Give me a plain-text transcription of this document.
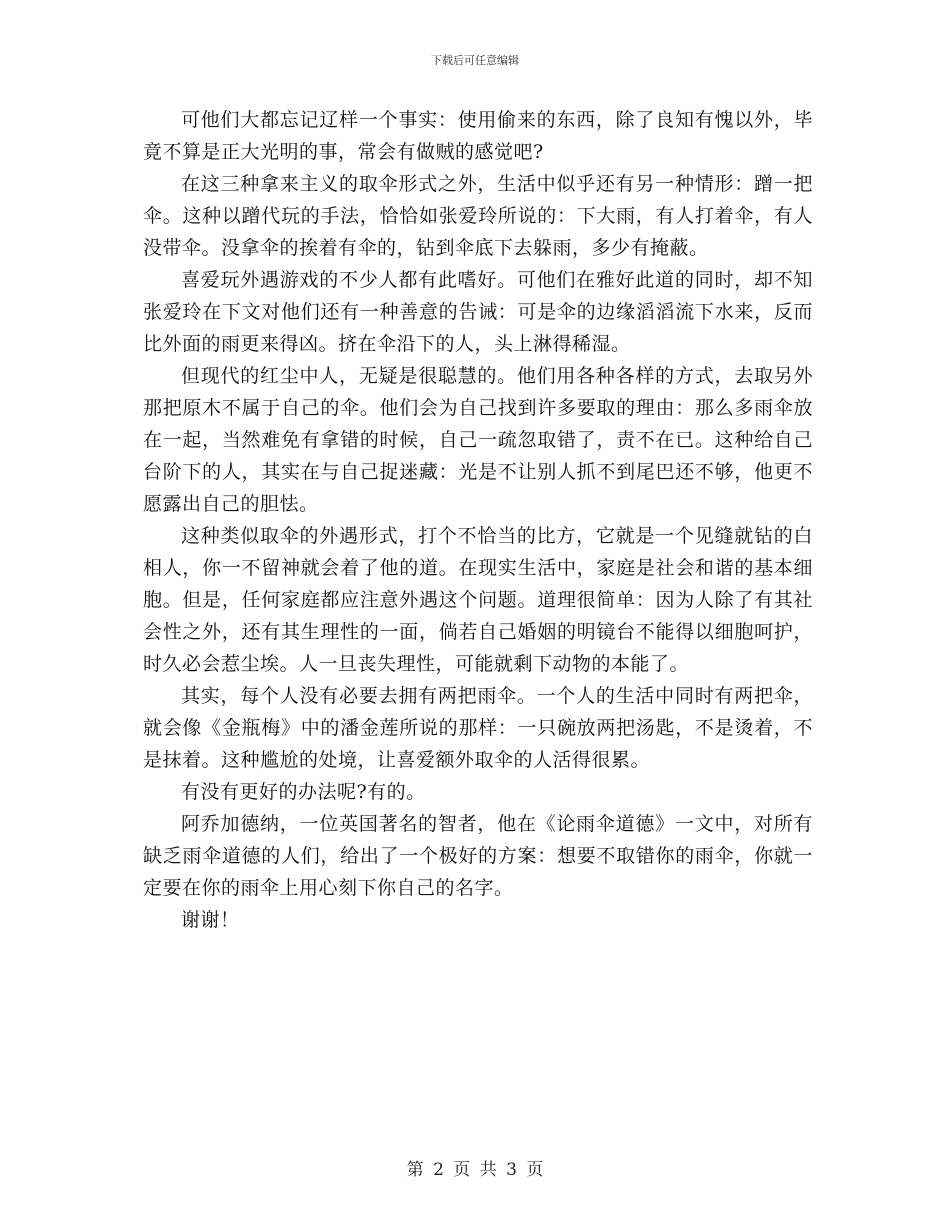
下载后可任意编辑

可他们大都忘记辽样一个事实：使用偷来的东西，除了良知有愧以外，毕竟不算是正大光明的事，常会有做贼的感觉吧?

在这三种拿来主义的取伞形式之外，生活中似乎还有另一种情形：蹭一把伞。这种以蹭代玩的手法，恰恰如张爱玲所说的：下大雨，有人打着伞，有人没带伞。没拿伞的挨着有伞的，钻到伞底下去躲雨，多少有掩蔽。

喜爱玩外遇游戏的不少人都有此嗜好。可他们在雅好此道的同时，却不知张爱玲在下文对他们还有一种善意的告诫：可是伞的边缘滔滔流下水来，反而比外面的雨更来得凶。挤在伞沿下的人，头上淋得稀湿。

但现代的红尘中人，无疑是很聪慧的。他们用各种各样的方式，去取另外那把原木不属于自己的伞。他们会为自己找到许多要取的理由：那么多雨伞放在一起，当然难免有拿错的时候，自己一疏忽取错了，责不在已。这种给自己台阶下的人，其实在与自己捉迷藏：光是不让别人抓不到尾巴还不够，他更不愿露出自己的胆怯。

这种类似取伞的外遇形式，打个不恰当的比方，它就是一个见缝就钻的白相人，你一不留神就会着了他的道。在现实生活中，家庭是社会和谐的基本细胞。但是，任何家庭都应注意外遇这个问题。道理很简单：因为人除了有其社会性之外，还有其生理性的一面，倘若自己婚姻的明镜台不能得以细胞呵护，时久必会惹尘埃。人一旦丧失理性，可能就剩下动物的本能了。

其实，每个人没有必要去拥有两把雨伞。一个人的生活中同时有两把伞，就会像《金瓶梅》中的潘金莲所说的那样：一只碗放两把汤匙，不是烫着，不是抹着。这种尴尬的处境，让喜爱额外取伞的人活得很累。

有没有更好的办法呢?有的。

阿乔加德纳，一位英国著名的智者，他在《论雨伞道德》一文中，对所有缺乏雨伞道德的人们，给出了一个极好的方案：想要不取错你的雨伞，你就一定要在你的雨伞上用心刻下你自己的名字。

谢谢！

第 2 页 共 3 页
